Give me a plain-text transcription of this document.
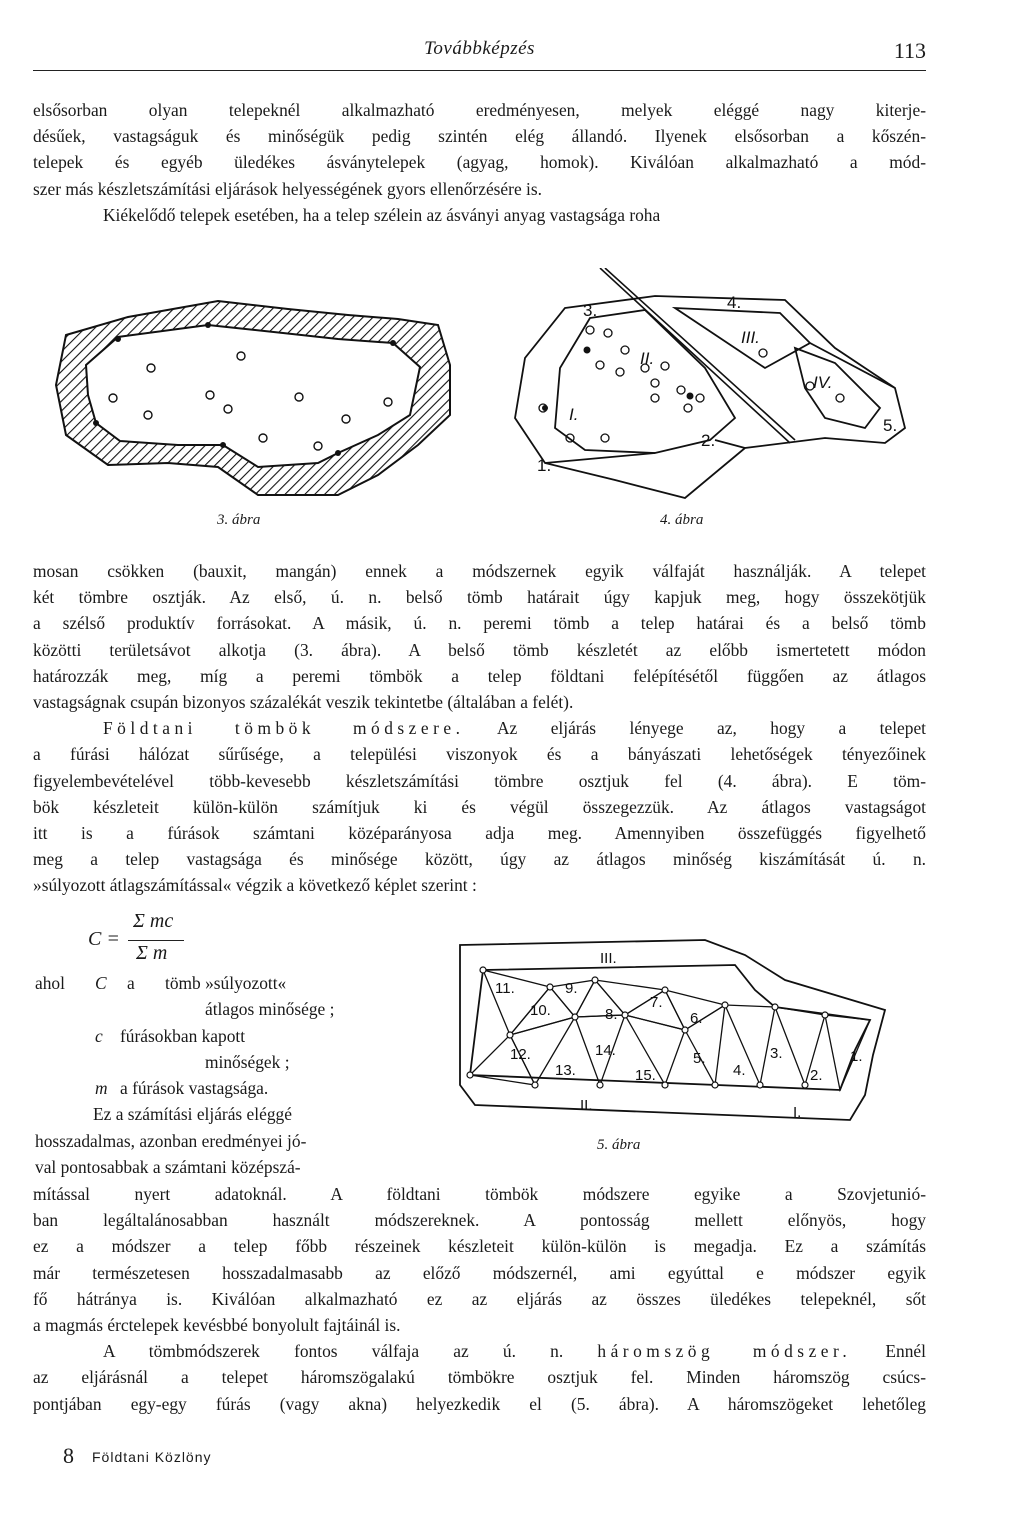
Továbbképzés	113
elsősorban olyan telepeknél alkalmazható eredményesen, melyek eléggé nagy kiterje-
désűek, vastagságuk és minőségük pedig szintén elég állandó. Ilyenek elsősorban a kőszén-
telepek és egyéb üledékes ásványtelepek (agyag, homok). Kiválóan alkalmazható a mód-
szer más készletszámítási eljárások helyességének gyors ellenőrzésére is.
Kiékelődő telepek esetében, ha a telep szélein az ásványi anyag vastagsága roha
3.	4.
III.
II.
IV.
I.
2.
5.
1.
3. ábra	4. ábra
mosan csökken (bauxit, mangán) ennek a módszernek egyik válfaját használják. A telepet
két tömbre osztják. Az első, ú. n. belső tömb határait úgy kapjuk meg, hogy összekötjük
a szélső produktív forrásokat. A másik, ú. n. peremi tömb a telep határai és a belső tömb
közötti területsávot alkotja (3. ábra). A belső tömb készletét az előbb ismertetett módon
határozzák meg, míg a peremi tömbök a telep földtani felépítésétől függően az átlagos
vastagságnak csupán bizonyos százalékát veszik tekintetbe (általában a felét).
Földtani tömbök módszere. Az eljárás lényege az, hogy a telepet
a fúrási hálózat sűrűsége, a települési viszonyok és a bányászati lehetőségek tényezőinek
figyelembevételével több-kevesebb készletszámítási tömbre osztjuk fel (4. ábra). E töm-
bök készleteit külön-külön számítjuk ki és végül összegezzük. Az átlagos vastagságot
itt is a fúrások számtani középarányosa adja meg. Amennyiben összefüggés figyelhető
meg a telep vastagsága és minősége között, úgy az átlagos minőség kiszámítását ú. n.
»súlyozott átlagszámítással« végzik a következő képlet szerint :
C =
Σ mc
Σ m
ahol C a tömb »súlyozott«
átlagos minősége ;
c fúrásokban kapott
minőségek ;
m a fúrások vastagsága.
Ez a számítási eljárás eléggé
hosszadalmas, azonban eredményei jó-
val pontosabbak a számtani középszá-
III.
11.	9.
7.
10.	8.	6.
12.	14.	5.	3.	1.
13.	15.	4.	2.
II.	I.
5. ábra
mítással nyert adatoknál. A földtani tömbök módszere egyike a Szovjetunió-
ban legáltalánosabban használt módszereknek. A pontosság mellett előnyös, hogy
ez a módszer a telep főbb részeinek készleteit külön-külön is megadja. Ez a számítás
már természetesen hosszadalmasabb az előző módszernél, ami egyúttal e módszer egyik
fő hátránya is. Kiválóan alkalmazható ez az eljárás az összes üledékes telepeknél, sőt
a magmás érctelepek kevésbbé bonyolult fajtáinál is.
A tömbmódszerek fontos válfaja az ú. n. háromszög módszer. Ennél
az eljárásnál a telepet háromszögalakú tömbökre osztjuk fel. Minden háromszög csúcs-
pontjában egy-egy fúrás (vagy akna) helyezkedik el (5. ábra). A háromszögeket lehetőleg
8 Földtani Közlöny
